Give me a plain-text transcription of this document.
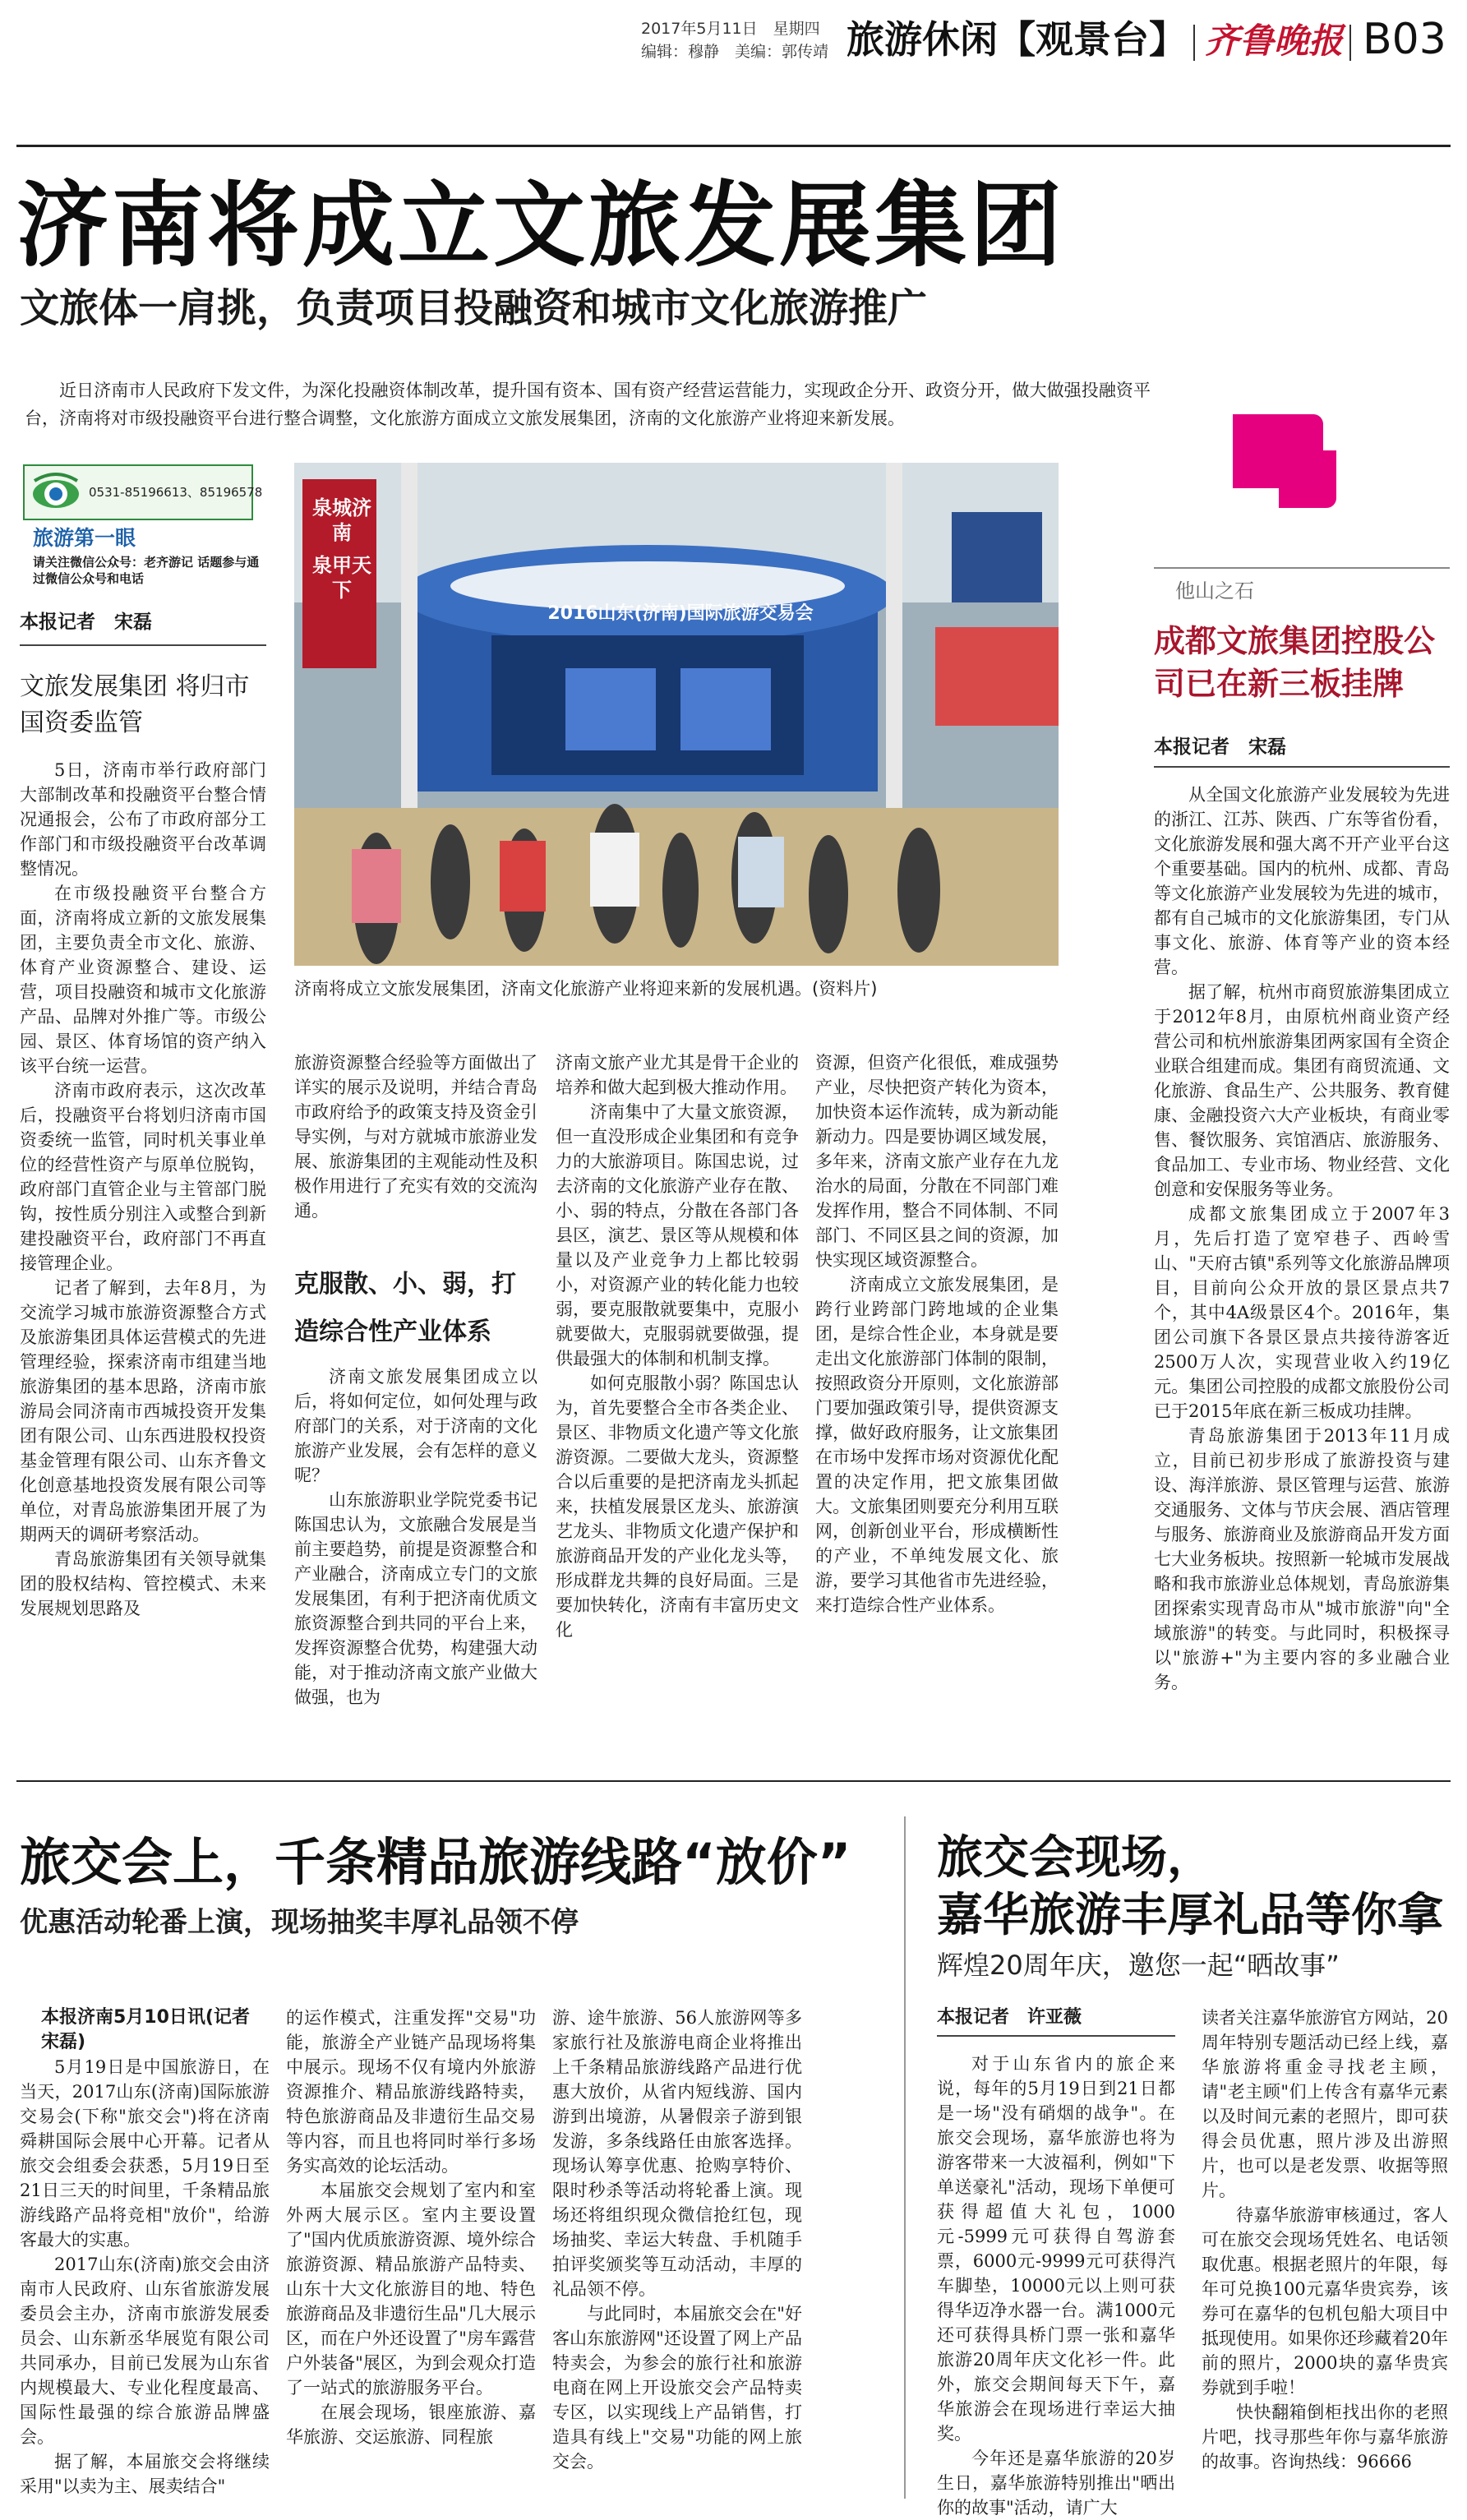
2017年5月11日　星期四
编辑：穆静　美编：郭传靖 旅游休闲【观景台】 齐鲁晚报 B03
济南将成立文旅发展集团
文旅体一肩挑，负责项目投融资和城市文化旅游推广
近日济南市人民政府下发文件，为深化投融资体制改革，提升国有资本、国有资产经营运营能力，实现政企分开、政资分开，做大做强投融资平台，济南将对市级投融资平台进行整合调整，文化旅游方面成立文旅发展集团，济南的文化旅游产业将迎来新发展。
0531-85196613、85196578
旅游第一眼
请关注微信公众号：老齐游记 话题参与通过微信公众号和电话
本报记者　宋磊
文旅发展集团 将归市国资委监管
2016山东(济南)国际旅游交易会
泉城济南
泉甲天下
济南将成立文旅发展集团，济南文化旅游产业将迎来新的发展机遇。(资料片)

5日，济南市举行政府部门大部制改革和投融资平台整合情况通报会，公布了市政府部分工作部门和市级投融资平台改革调整情况。

在市级投融资平台整合方面，济南将成立新的文旅发展集团，主要负责全市文化、旅游、体育产业资源整合、建设、运营，项目投融资和城市文化旅游产品、品牌对外推广等。市级公园、景区、体育场馆的资产纳入该平台统一运营。

济南市政府表示，这次改革后，投融资平台将划归济南市国资委统一监管，同时机关事业单位的经营性资产与原单位脱钩，政府部门直管企业与主管部门脱钩，按性质分别注入或整合到新建投融资平台，政府部门不再直接管理企业。

记者了解到，去年8月，为交流学习城市旅游资源整合方式及旅游集团具体运营模式的先进管理经验，探索济南市组建当地旅游集团的基本思路，济南市旅游局会同济南市西城投资开发集团有限公司、山东西进股权投资基金管理有限公司、山东齐鲁文化创意基地投资发展有限公司等单位，对青岛旅游集团开展了为期两天的调研考察活动。

青岛旅游集团有关领导就集团的股权结构、管控模式、未来发展规划思路及

旅游资源整合经验等方面做出了详实的展示及说明，并结合青岛市政府给予的政策支持及资金引导实例，与对方就城市旅游业发展、旅游集团的主观能动性及积极作用进行了充实有效的交流沟通。

克服散、小、弱，打造综合性产业体系

济南文旅发展集团成立以后，将如何定位，如何处理与政府部门的关系，对于济南的文化旅游产业发展，会有怎样的意义呢？

山东旅游职业学院党委书记陈国忠认为，文旅融合发展是当前主要趋势，前提是资源整合和产业融合，济南成立专门的文旅发展集团，有利于把济南优质文旅资源整合到共同的平台上来，发挥资源整合优势，构建强大动能，对于推动济南文旅产业做大做强，也为

济南文旅产业尤其是骨干企业的培养和做大起到极大推动作用。

济南集中了大量文旅资源，但一直没形成企业集团和有竞争力的大旅游项目。陈国忠说，过去济南的文化旅游产业存在散、小、弱的特点，分散在各部门各县区，演艺、景区等从规模和体量以及产业竞争力上都比较弱小，对资源产业的转化能力也较弱，要克服散就要集中，克服小就要做大，克服弱就要做强，提供最强大的体制和机制支撑。

如何克服散小弱？陈国忠认为，首先要整合全市各类企业、景区、非物质文化遗产等文化旅游资源。二要做大龙头，资源整合以后重要的是把济南龙头抓起来，扶植发展景区龙头、旅游演艺龙头、非物质文化遗产保护和旅游商品开发的产业化龙头等，形成群龙共舞的良好局面。三是要加快转化，济南有丰富历史文化

资源，但资产化很低，难成强势产业，尽快把资产转化为资本，加快资本运作流转，成为新动能新动力。四是要协调区域发展，多年来，济南文旅产业存在九龙治水的局面，分散在不同部门难发挥作用，整合不同体制、不同部门、不同区县之间的资源，加快实现区域资源整合。

济南成立文旅发展集团，是跨行业跨部门跨地域的企业集团，是综合性企业，本身就是要走出文化旅游部门体制的限制，按照政资分开原则，文化旅游部门要加强政策引导，提供资源支撑，做好政府服务，让文旅集团在市场中发挥市场对资源优化配置的决定作用，把文旅集团做大。文旅集团则要充分利用互联网，创新创业平台，形成横断性的产业，不单纯发展文化、旅游，要学习其他省市先进经验，来打造综合性产业体系。

他山之石
成都文旅集团控股公司已在新三板挂牌
本报记者　宋磊

从全国文化旅游产业发展较为先进的浙江、江苏、陕西、广东等省份看，文化旅游发展和强大离不开产业平台这个重要基础。国内的杭州、成都、青岛等文化旅游产业发展较为先进的城市，都有自己城市的文化旅游集团，专门从事文化、旅游、体育等产业的资本经营。

据了解，杭州市商贸旅游集团成立于2012年8月，由原杭州商业资产经营公司和杭州旅游集团两家国有全资企业联合组建而成。集团有商贸流通、文化旅游、食品生产、公共服务、教育健康、金融投资六大产业板块，有商业零售、餐饮服务、宾馆酒店、旅游服务、食品加工、专业市场、物业经营、文化创意和安保服务等业务。

成都文旅集团成立于2007年3月，先后打造了宽窄巷子、西岭雪山、"天府古镇"系列等文化旅游品牌项目，目前向公众开放的景区景点共7个，其中4A级景区4个。2016年，集团公司旗下各景区景点共接待游客近2500万人次，实现营业收入约19亿元。集团公司控股的成都文旅股份公司已于2015年底在新三板成功挂牌。

青岛旅游集团于2013年11月成立，目前已初步形成了旅游投资与建设、海洋旅游、景区管理与运营、旅游交通服务、文体与节庆会展、酒店管理与服务、旅游商业及旅游商品开发方面七大业务板块。按照新一轮城市发展战略和我市旅游业总体规划，青岛旅游集团探索实现青岛市从"城市旅游"向"全域旅游"的转变。与此同时，积极探寻以"旅游+"为主要内容的多业融合业务。

旅交会上，千条精品旅游线路“放价”
优惠活动轮番上演，现场抽奖丰厚礼品领不停
本报济南5月10日讯(记者 宋磊)

5月19日是中国旅游日，在当天，2017山东(济南)国际旅游交易会(下称"旅交会")将在济南舜耕国际会展中心开幕。记者从旅交会组委会获悉，5月19日至21日三天的时间里，千条精品旅游线路产品将竞相"放价"，给游客最大的实惠。

2017山东(济南)旅交会由济南市人民政府、山东省旅游发展委员会主办，济南市旅游发展委员会、山东新丞华展览有限公司共同承办，目前已发展为山东省内规模最大、专业化程度最高、国际性最强的综合旅游品牌盛会。

据了解，本届旅交会将继续采用"以卖为主、展卖结合"

的运作模式，注重发挥"交易"功能，旅游全产业链产品现场将集中展示。现场不仅有境内外旅游资源推介、精品旅游线路特卖，特色旅游商品及非遗衍生品交易等内容，而且也将同时举行多场务实高效的论坛活动。

本届旅交会规划了室内和室外两大展示区。室内主要设置了"国内优质旅游资源、境外综合旅游资源、精品旅游产品特卖、山东十大文化旅游目的地、特色旅游商品及非遗衍生品"几大展示区，而在户外还设置了"房车露营户外装备"展区，为到会观众打造了一站式的旅游服务平台。

在展会现场，银座旅游、嘉华旅游、交运旅游、同程旅

游、途牛旅游、56人旅游网等多家旅行社及旅游电商企业将推出上千条精品旅游线路产品进行优惠大放价，从省内短线游、国内游到出境游，从暑假亲子游到银发游，多条线路任由旅客选择。现场认筹享优惠、抢购享特价、限时秒杀等活动将轮番上演。现场还将组织现众微信抢红包，现场抽奖、幸运大转盘、手机随手拍评奖颁奖等互动活动，丰厚的礼品领不停。

与此同时，本届旅交会在"好客山东旅游网"还设置了网上产品特卖会，为参会的旅行社和旅游电商在网上开设旅交会产品特卖专区，以实现线上产品销售，打造具有线上"交易"功能的网上旅交会。

旅交会现场，
嘉华旅游丰厚礼品等你拿
辉煌20周年庆，邀您一起“晒故事”
本报记者　许亚薇

对于山东省内的旅企来说，每年的5月19日到21日都是一场"没有硝烟的战争"。在旅交会现场，嘉华旅游也将为游客带来一大波福利，例如"下单送豪礼"活动，现场下单便可获得超值大礼包，1000元-5999元可获得自驾游套票，6000元-9999元可获得汽车脚垫，10000元以上则可获得华迈净水器一台。满1000元还可获得具桥门票一张和嘉华旅游20周年庆文化衫一件。此外，旅交会期间每天下午，嘉华旅游会在现场进行幸运大抽奖。

今年还是嘉华旅游的20岁生日，嘉华旅游特别推出"晒出你的故事"活动，请广大

读者关注嘉华旅游官方网站，20周年特别专题活动已经上线，嘉华旅游将重金寻找老主顾，请"老主顾"们上传含有嘉华元素以及时间元素的老照片，即可获得会员优惠，照片涉及出游照片，也可以是老发票、收据等照片。

待嘉华旅游审核通过，客人可在旅交会现场凭姓名、电话领取优惠。根据老照片的年限，每年可兑换100元嘉华贵宾券，该券可在嘉华的包机包船大项目中抵现使用。如果你还珍藏着20年前的照片，2000块的嘉华贵宾券就到手啦！

快快翻箱倒柜找出你的老照片吧，找寻那些年你与嘉华旅游的故事。咨询热线：96666
